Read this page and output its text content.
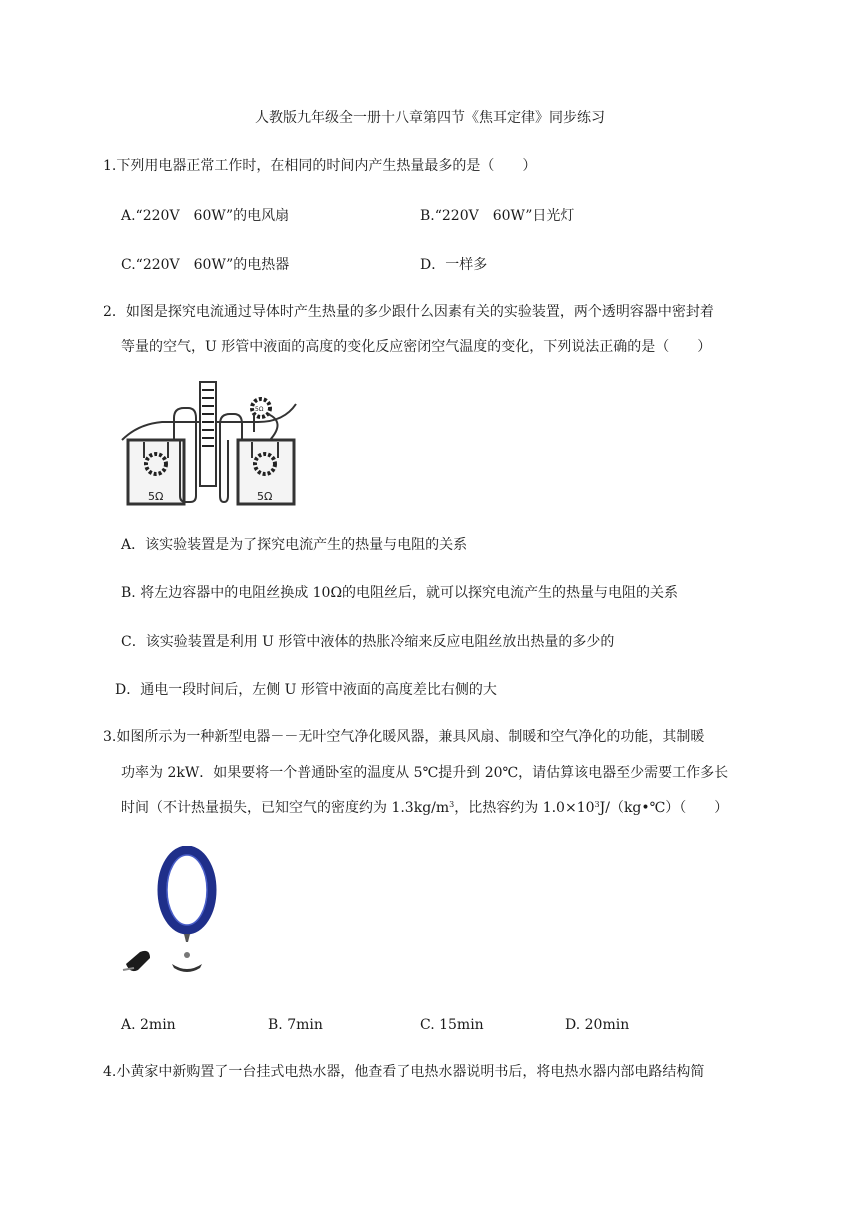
人教版九年级全一册十八章第四节《焦耳定律》同步练习
1.下列用电器正常工作时，在相同的时间内产生热量最多的是（　　）
A.“220V　60W”的电风扇	B.“220V　60W”日光灯
C.“220V　60W”的电热器	D．一样多
2．如图是探究电流通过导体时产生热量的多少跟什么因素有关的实验装置，两个透明容器中密封着
等量的空气，U 形管中液面的高度的变化反应密闭空气温度的变化，下列说法正确的是（　　）
5Ω	5Ω
5Ω
A．该实验装置是为了探究电流产生的热量与电阻的关系
B. 将左边容器中的电阻丝换成 10Ω的电阻丝后，就可以探究电流产生的热量与电阻的关系
C．该实验装置是利用 U 形管中液体的热胀冷缩来反应电阻丝放出热量的多少的
D．通电一段时间后，左侧 U 形管中液面的高度差比右侧的大
3.如图所示为一种新型电器－－无叶空气净化暖风器，兼具风扇、制暖和空气净化的功能，其制暖
功率为 2kW．如果要将一个普通卧室的温度从 5℃提升到 20℃，请估算该电器至少需要工作多长
时间（不计热量损失，已知空气的密度约为 $1.3kg/m^3$，比热容约为 $1.0\times 10^3J/(kg•℃)$（　　）
A. 2min	B. 7min	C. 15min	D. 20min
4.小黄家中新购置了一台挂式电热水器，他查看了电热水器说明书后，将电热水器内部电路结构简
